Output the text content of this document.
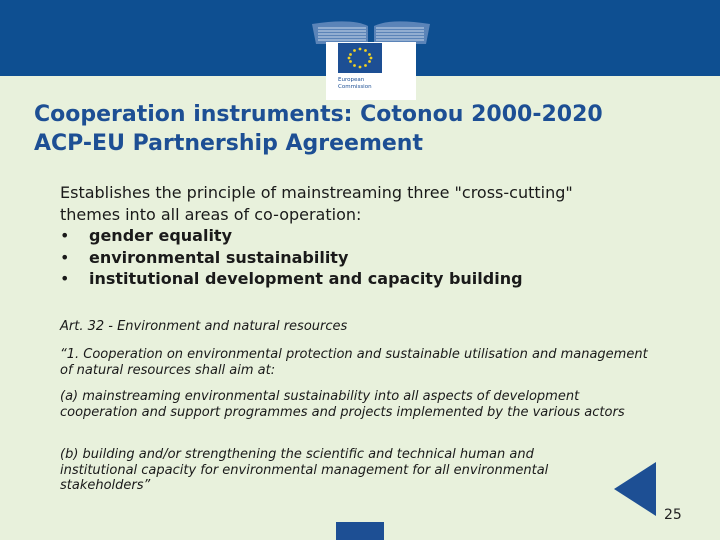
European
Commission
Cooperation instruments: Cotonou 2000-2020
ACP-EU Partnership Agreement
Establishes the principle of mainstreaming three "cross-cutting"
themes into all areas of co-operation:
• gender equality
• environmental sustainability
• institutional development and capacity building
Art. 32 - Environment and natural resources
“1. Cooperation on environmental protection and sustainable utilisation and management of natural resources shall aim at:
(a) mainstreaming environmental sustainability into all aspects of development cooperation and support programmes and projects implemented by the various actors
(b) building and/or strengthening the scientific and technical human and institutional capacity for environmental management for all environmental stakeholders”
25
